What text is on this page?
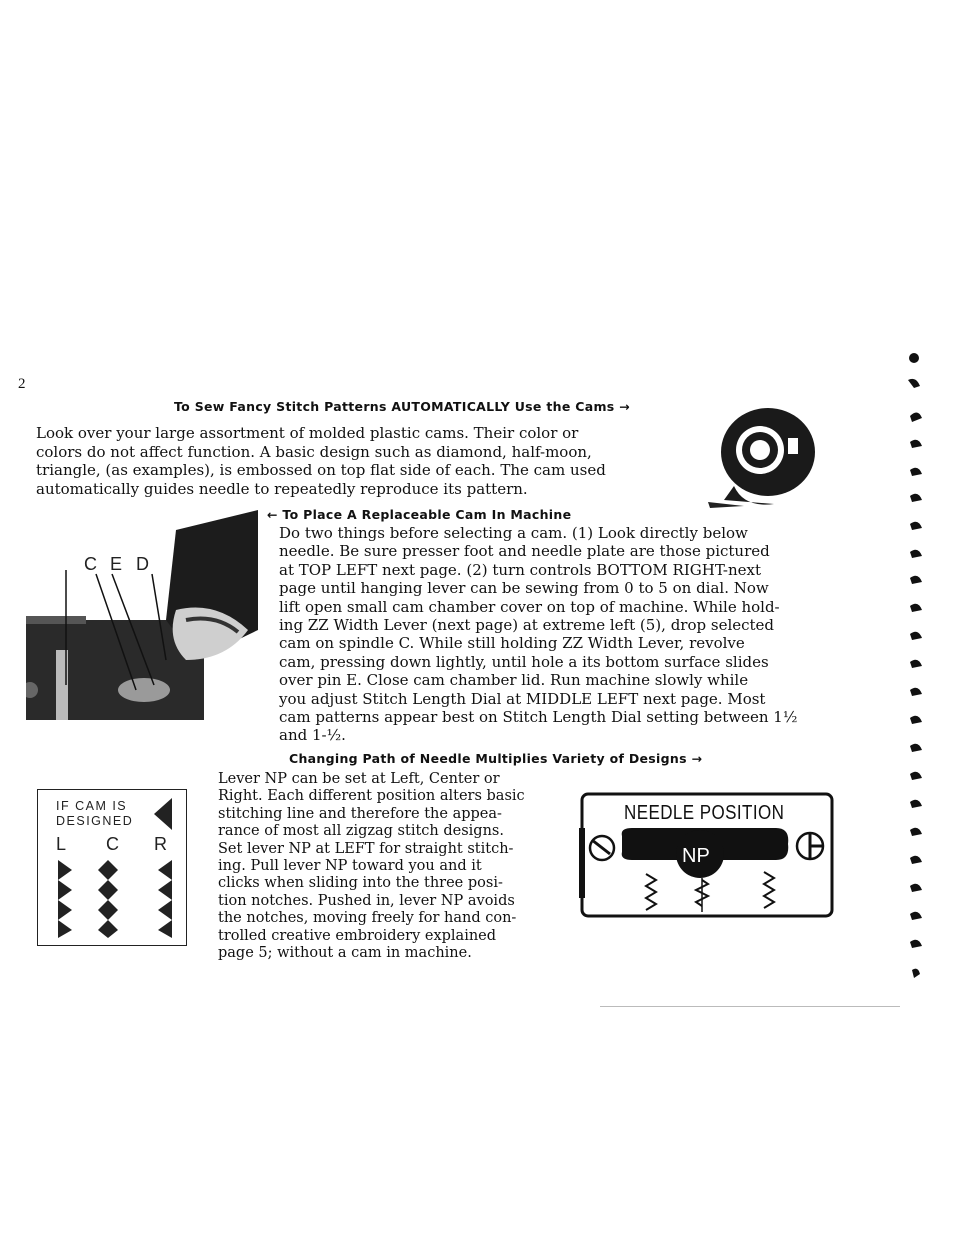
2
To Sew Fancy Stitch Patterns AUTOMATICALLY Use the Cams →

Look over your large assortment of molded plastic cams. Their color or

colors do not affect function. A basic design such as diamond, half-moon,

triangle, (as examples), is embossed on top flat side of each. The cam used

automatically guides needle to repeatedly reproduce its pattern.

← To Place A Replaceable Cam In Machine

Do two things before selecting a cam. (1) Look directly below

needle. Be sure presser foot and needle plate are those pictured

at TOP LEFT next page. (2) turn controls BOTTOM RIGHT-next

page until hanging lever can be sewing from 0 to 5 on dial. Now

lift open small cam chamber cover on top of machine. While hold-

ing ZZ Width Lever (next page) at extreme left (5), drop selected

cam on spindle C. While still holding ZZ Width Lever, revolve

cam, pressing down lightly, until hole a its bottom surface slides

over pin E. Close cam chamber lid. Run machine slowly while

you adjust Stitch Length Dial at MIDDLE LEFT next page. Most

cam patterns appear best on Stitch Length Dial setting between 1½

and 1-½.

C E D
Changing Path of Needle Multiplies Variety of Designs →

Lever NP can be set at Left, Center or

Right. Each different position alters basic

stitching line and therefore the appea-

rance of most all zigzag stitch designs.

Set lever NP at LEFT for straight stitch-

ing. Pull lever NP toward you and it

clicks when sliding into the three posi-

tion notches. Pushed in, lever NP avoids

the notches, moving freely for hand con-

trolled creative embroidery explained

page 5; without a cam in machine.

IF CAM IS
DESIGNED
L C R
NP
NEEDLE POSITION
